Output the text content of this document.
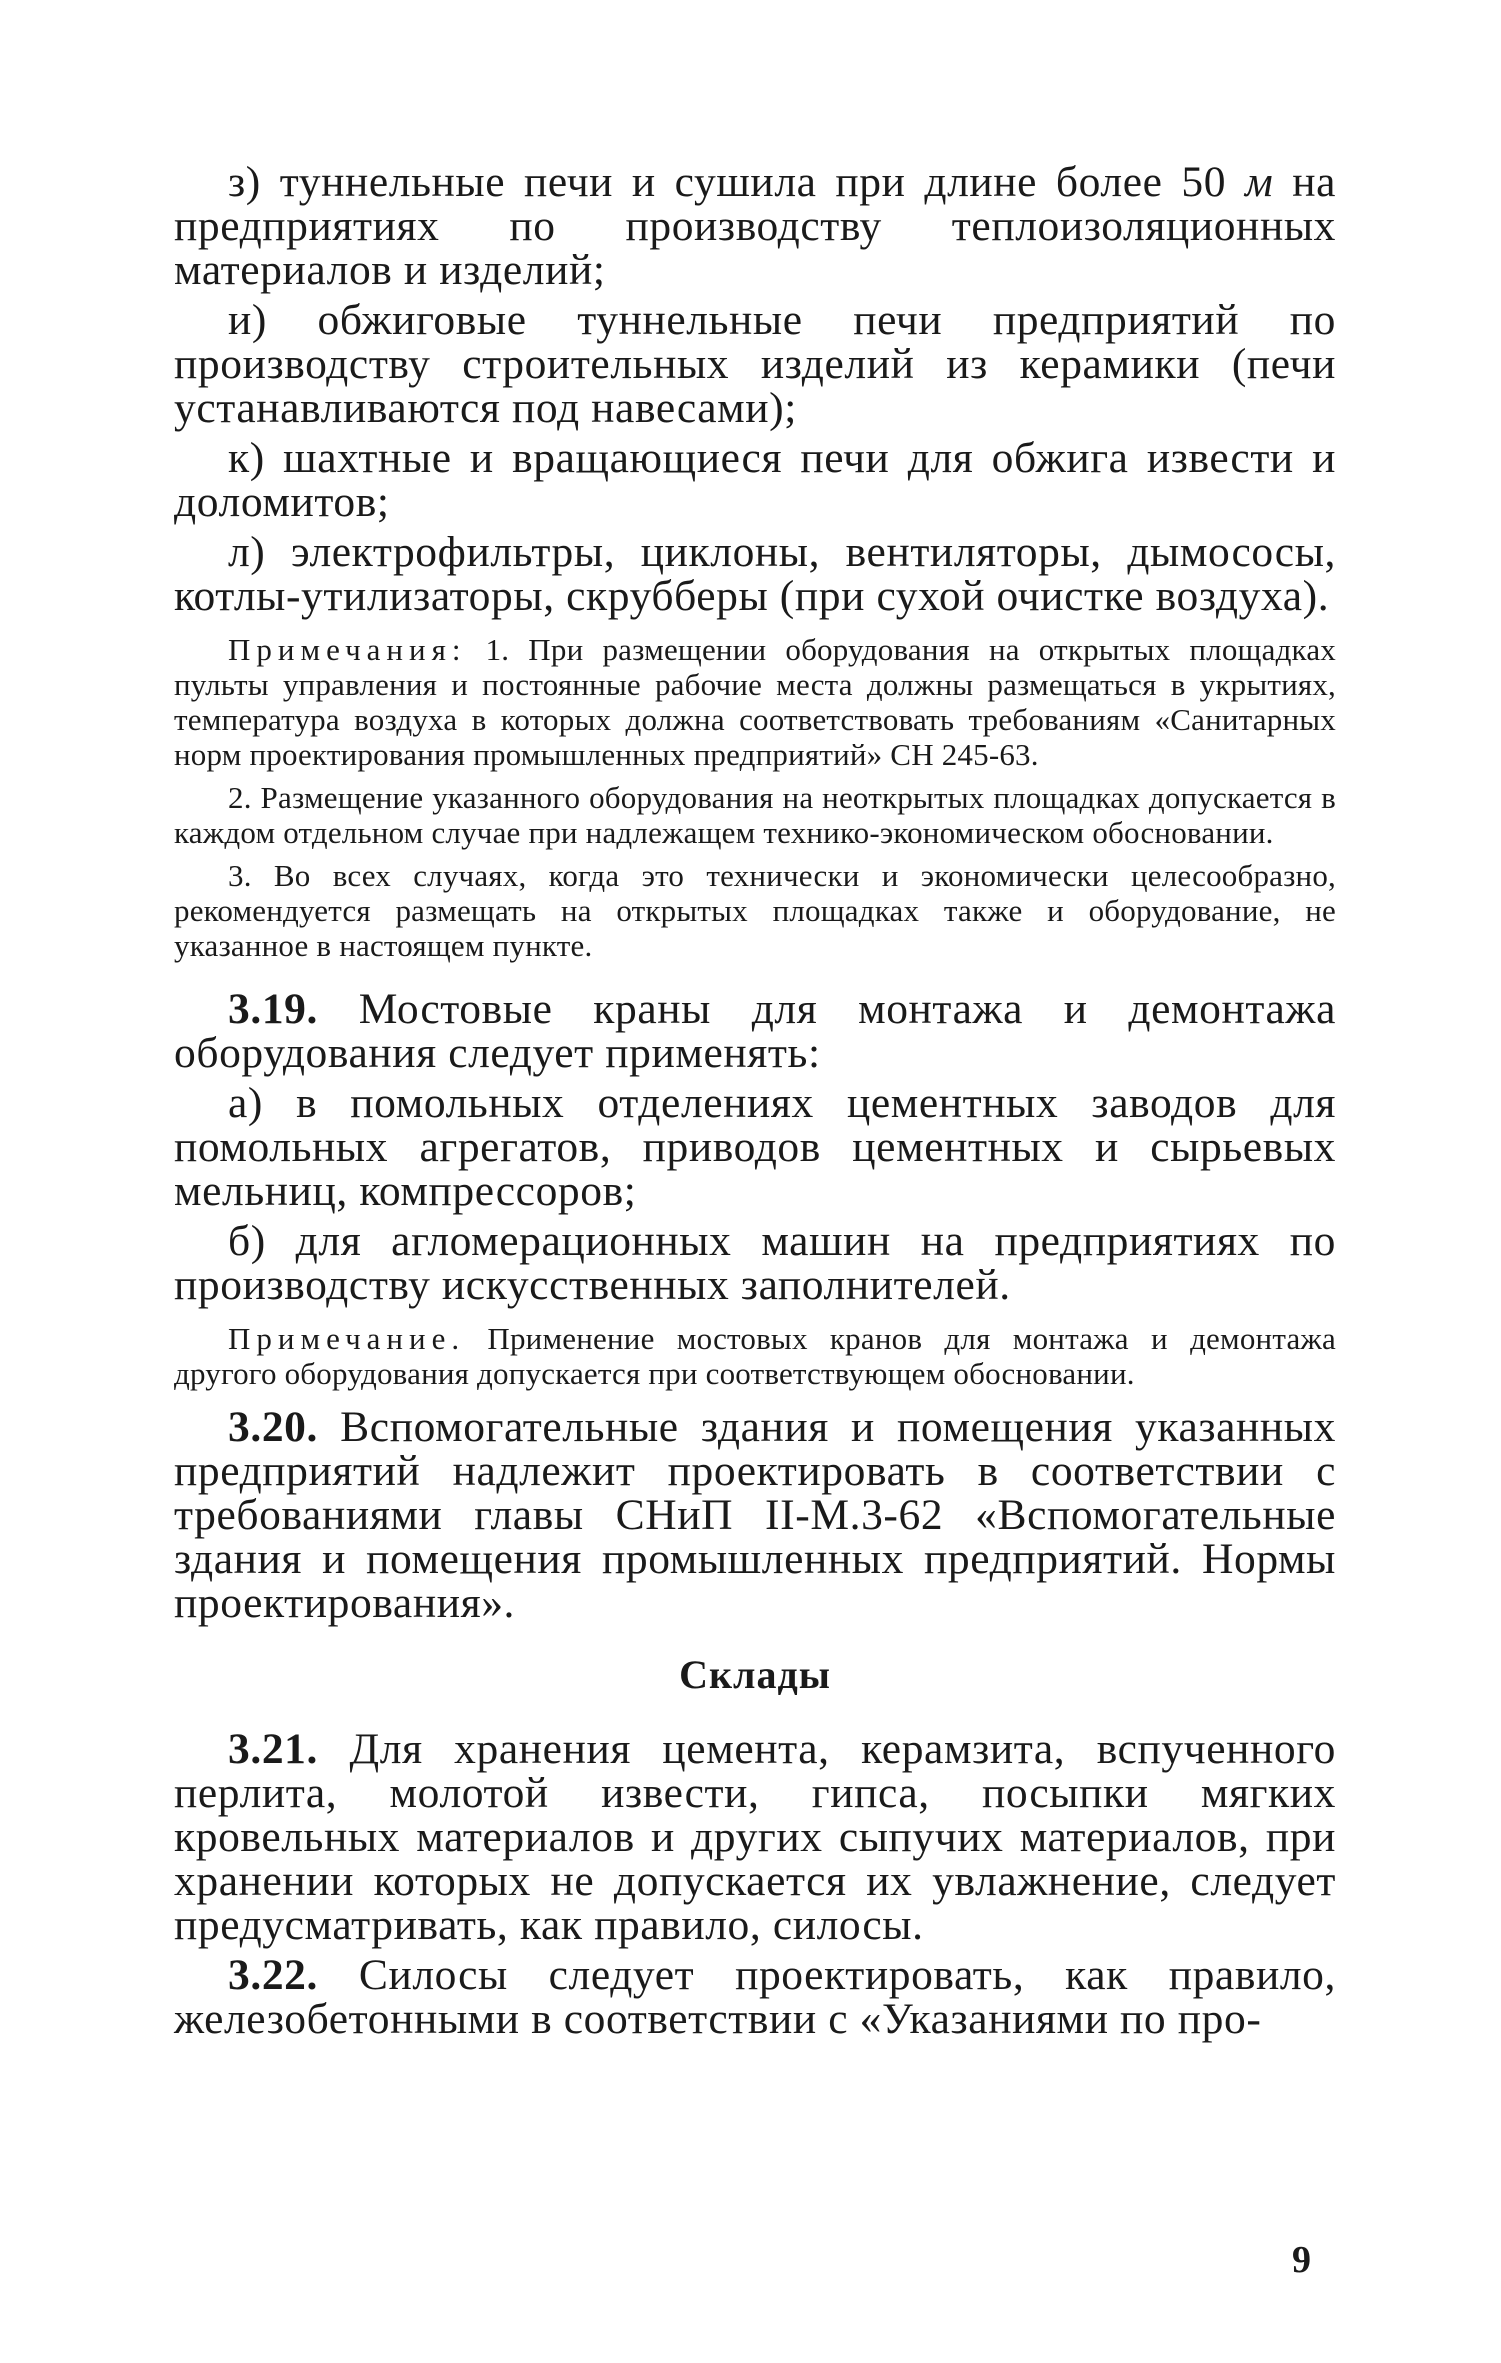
з) туннельные печи и сушила при длине более 50 м на предприятиях по производству теплоизоляционных материалов и изделий;

и) обжиговые туннельные печи предприятий по производству строительных изделий из керамики (печи устанавливаются под навесами);

к) шахтные и вращающиеся печи для обжига извести и доломитов;

л) электрофильтры, циклоны, вентиляторы, дымососы, котлы-утилизаторы, скрубберы (при сухой очистке воздуха).

Примечания: 1. При размещении оборудования на открытых площадках пульты управления и постоянные рабочие места должны размещаться в укрытиях, температура воздуха в которых должна соответствовать требованиям «Санитарных норм проектирования промышленных предприятий» СН 245-63.

2. Размещение указанного оборудования на неоткрытых площадках допускается в каждом отдельном случае при надлежащем технико-экономическом обосновании.

3. Во всех случаях, когда это технически и экономически целесообразно, рекомендуется размещать на открытых площадках также и оборудование, не указанное в настоящем пункте.

3.19. Мостовые краны для монтажа и демонтажа оборудования следует применять:

а) в помольных отделениях цементных заводов для помольных агрегатов, приводов цементных и сырьевых мельниц, компрессоров;

б) для агломерационных машин на предприятиях по производству искусственных заполнителей.

Примечание. Применение мостовых кранов для монтажа и демонтажа другого оборудования допускается при соответствующем обосновании.

3.20. Вспомогательные здания и помещения указанных предприятий надлежит проектировать в соответствии с требованиями главы СНиП II-М.3-62 «Вспомогательные здания и помещения промышленных предприятий. Нормы проектирования».

Склады

3.21. Для хранения цемента, керамзита, вспученного перлита, молотой извести, гипса, посыпки мягких кровельных материалов и других сыпучих материалов, при хранении которых не допускается их увлажнение, следует предусматривать, как правило, силосы.

3.22. Силосы следует проектировать, как правило, железобетонными в соответствии с «Указаниями по про-

9
